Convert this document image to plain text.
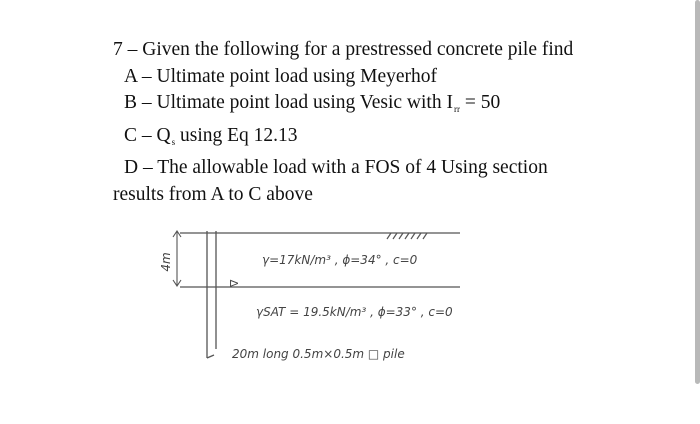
7 – Given the following for a prestressed concrete pile find
A – Ultimate point load using Meyerhof
B – Ultimate point load using Vesic with $I_{rr} = 50$
C – $Q_s$ using Eq 12.13
D – The allowable load with a FOS of 4 Using section
results from A to C above
4m
∇
γ=17kN/m³ , ϕ=34° , c=0
γSAT = 19.5kN/m³ , ϕ=33° , c=0
20m long 0.5m×0.5m □ pile
